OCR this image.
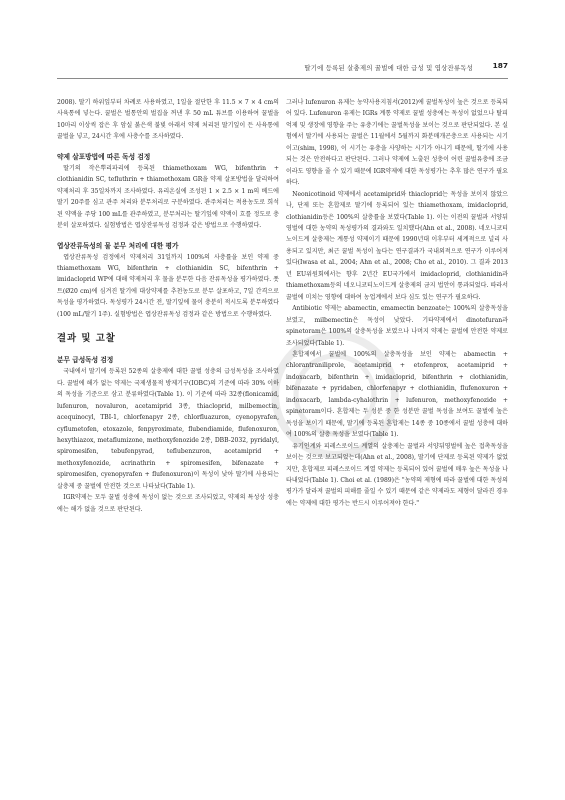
딸기에 등록된 살충제의 꿀벌에 대한 급성 및 엽상잔류독성	187

2008). 딸기 하위잎부터 차례로 사용하였고, 1일을 절단한 후 11.5 × 7 × 4 cm의 사육통에 넣는다. 꿀벌은 벌통안의 벌집을 꺼낸 후 50 mL 튜브를 이용하여 꿀벌을 10마리 이상씩 잡은 후 암실 붉은색 불빛 아래서 약제 처리된 딸기잎이 든 사육통에 꿀벌을 넣고, 24시간 후에 사충수를 조사하였다.

약제 살포방법에 따른 독성 검정

딸기의 작은뿌리파리에 등록된 thiamethoxam WG, bifenthrin + clothianidin SC, tefluthrin + thiamethoxam GR을 약제 살포방법을 달리하여 약제처리 후 35일차까지 조사하였다. 유리온실에 조성된 1 × 2.5 × 1 m의 베드에 딸기 20주를 심고 관주 처리와 분무처리로 구분하였다. 관주처리는 적용농도로 희석된 약액을 주당 100 mL를 관주하였고, 분무처리는 딸기잎에 약액이 흐를 정도로 충분히 살포하였다. 실험방법은 엽상잔류독성 검정과 같은 방법으로 수행하였다.

엽상잔류독성의 물 분무 처리에 대한 평가

엽상잔류독성 검정에서 약제처리 31일까지 100%의 사충률을 보인 약제 중 thiamethoxam WG, bifenthrin + clothianidin SC, bifenthrin + imidacloprid WP에 대해 약제처리 후 물을 분무한 다음 잔류독성을 평가하였다. 폿트(Ø20 cm)에 심겨진 딸기에 대상약제를 추천농도로 분무 살포하고, 7일 간격으로 독성을 평가하였다. 독성평가 24시간 전, 딸기잎에 물이 충분히 적시도록 분무하였다(100 mL/딸기 1주). 실험방법은 엽상잔류독성 검정과 같은 방법으로 수행하였다.

결과 및 고찰
분무 급성독성 검정

국내에서 딸기에 등록된 52종의 살충제에 대한 꿀벌 성충의 급성독성을 조사하였다. 꿀벌에 해가 없는 약제는 국제생물적 방제기구(IOBC)의 기준에 따라 30% 이하의 독성을 기준으로 삼고 분류하였다(Table 1). 이 기준에 따라 32종(flonicamid, lufenuron, novaluron, acetamiprid 3종, thiacloprid, milbemectin, acequinocyl, TBI-1, chlorfenapyr 2종, chlorfluazuron, cyenopyrafen, cyflumetofen, etoxazole, fenpyroximate, flubendiamide, flufenoxuron, hexythiazox, metaflumizone, methoxyfenozide 2종, DBB-2032, pyridalyl, spiromesifen, tebufenpyrad, teflubenzuron, acetamiprid + methoxyfenozide, acrinathrin + spiromesifen, bifenazate + spiromesifen, cyenopyrafen + flufenoxuron)이 독성이 낮아 딸기에 사용되는 살충제 중 꿀벌에 안전한 것으로 나타났다(Table 1).

IGR약제는 모두 꿀벌 성충에 독성이 없는 것으로 조사되었고, 약제의 특성상 성충에는 해가 없을 것으로 판단된다.

그러나 lufenuron 유제는 농약사용지침서(2012)에 꿀벌독성이 높은 것으로 등록되어 있다. Lufenuron 유제는 IGRs 계통 약제로 꿀벌 성충에는 독성이 없었으나 탈피억제 및 생장에 영향을 주는 유충기에는 꿀벌독성을 보이는 것으로 판단되었다. 본 실험에서 딸기에 사용되는 꿀벌은 11월에서 5월까지 화분매개곤충으로 사용되는 시기이고(shim, 1998), 이 시기는 유충을 사양하는 시기가 아니기 때문에, 딸기에 사용되는 것은 안전하다고 판단된다. 그러나 약제에 노출된 성충이 어린 꿀벌유충에 조금이라도 영향을 줄 수 있기 때문에 IGR약제에 대한 독성평가는 추후 많은 연구가 필요하다.

Neonicotinoid 약제에서 acetamiprid와 thiacloprid는 독성을 보이지 않았으나, 단제 또는 혼합제로 딸기에 등록되어 있는 thiamethoxam, imidacloprid, clothianidin등은 100%의 살충률을 보였다(Table 1). 이는 이전의 꿀벌과 서양뒤영벌에 대한 농약의 독성평가의 결과와도 일치했다(Ahn et al., 2008). 네오니코티노이드계 살충제는 계통성 약제이기 때문에 1990년대 이후부터 세계적으로 널리 사용되고 있지만, 최근 꿀벌 독성이 높다는 연구결과가 국내외적으로 연구가 이루어져 있다(Iwasa et al., 2004; Ahn et al., 2008; Cho et al., 2010). 그 결과 2013년 EU위원회에서는 향후 2년간 EU국가에서 imidacloprid, clothianidin과 thiamethoxam등의 네오니코티노이드계 살충제의 금지 법안이 통과되었다. 따라서 꿀벌에 미치는 영향에 대하여 농업계에서 보다 심도 있는 연구가 필요하다.

Antibiotic 약제는 abamectin, emamectin benzoate는 100%의 살충독성을 보였고, milbemectin은 독성이 낮았다. 기타약제에서 dinotefuran과 spinetoram은 100%의 살충독성을 보였으나 나머지 약제는 꿀벌에 안전한 약제로 조사되었다(Table 1).

혼합제에서 꿀벌에 100%의 살충독성을 보인 약제는 abamectin + chlorantraniliprole, acetamiprid + etofenprox, acetamiprid + indoxacarb, bifenthrin + imidacloprid, bifenthrin + clothianidin, bifenazate + pyridaben, chlorfenapyr + clothianidin, flufenoxuron + indoxacarb, lambda-cyhalothrin + lufenuron, methoxyfenozide + spinetoram이다. 혼합제는 두 성분 중 한 성분만 꿀벌 독성을 보여도 꿀벌에 높은 독성을 보이기 때문에, 딸기에 등록된 혼합제는 14종 중 10종에서 꿀벌 성충에 대하여 100%의 살충 독성을 보였다(Table 1).

유기인계와 피레스로이드 계열의 살충제는 꿀벌과 서양뒤영벌에 높은 접촉독성을 보이는 것으로 보고되었는데(Ahn et al., 2008), 딸기에 단제로 등록된 약제가 없었지만, 혼합제로 피레스로이드 계열 약제는 등록되어 있어 꿀벌에 매우 높은 독성을 나타내었다(Table 1). Choi et al. (1989)은 "농약의 제형에 따라 꿀벌에 대한 독성의 평가가 달라져 꿀벌의 피해를 줄일 수 있기 때문에 같은 약제라도 제형이 달라진 경우에는 약제에 대한 평가는 반드시 이루어져야 한다."
